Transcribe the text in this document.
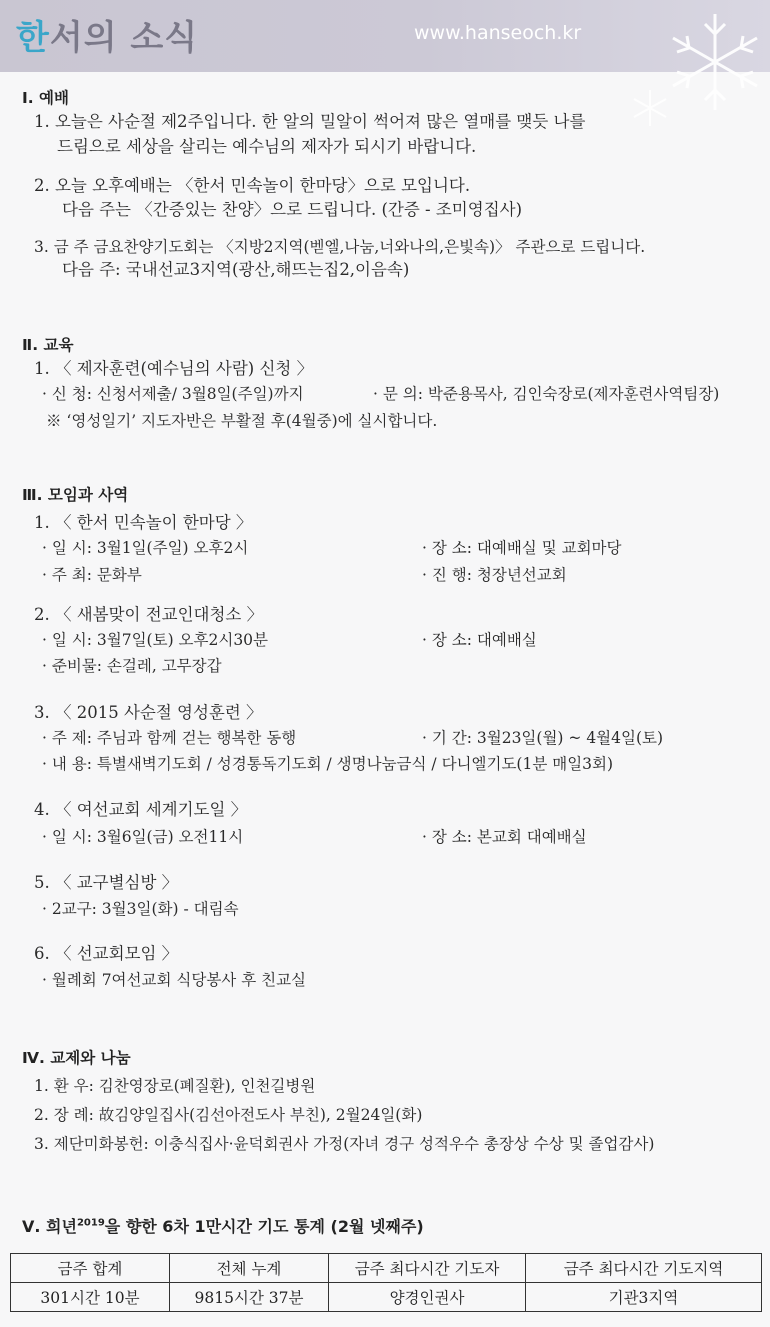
한서의 소식	www.hanseoch.kr
Ⅰ. 예배
1. 오늘은 사순절 제2주입니다. 한 알의 밀알이 썩어져 많은 열매를 맺듯 나를
드림으로 세상을 살리는 예수님의 제자가 되시기 바랍니다.
2. 오늘 오후예배는 〈한서 민속놀이 한마당〉으로 모입니다.
다음 주는 〈간증있는 찬양〉으로 드립니다. (간증 - 조미영집사)
3. 금 주 금요찬양기도회는 〈지방2지역(벧엘,나눔,너와나의,은빛속)〉 주관으로 드립니다.
다음 주: 국내선교3지역(광산,해뜨는집2,이음속)
Ⅱ. 교육
1. 〈 제자훈련(예수님의 사람) 신청 〉
· 신 청: 신청서제출/ 3월8일(주일)까지	· 문 의: 박준용목사, 김인숙장로(제자훈련사역팀장)
※ ‘영성일기’ 지도자반은 부활절 후(4월중)에 실시합니다.
Ⅲ. 모임과 사역
1. 〈 한서 민속놀이 한마당 〉
· 일 시: 3월1일(주일) 오후2시	· 장 소: 대예배실 및 교회마당
· 주 최: 문화부	· 진 행: 청장년선교회
2. 〈 새봄맞이 전교인대청소 〉
· 일 시: 3월7일(토) 오후2시30분	· 장 소: 대예배실
· 준비물: 손걸레, 고무장갑
3. 〈 2015 사순절 영성훈련 〉
· 주 제: 주님과 함께 걷는 행복한 동행	· 기 간: 3월23일(월) ~ 4월4일(토)
· 내 용: 특별새벽기도회 / 성경통독기도회 / 생명나눔금식 / 다니엘기도(1분 매일3회)
4. 〈 여선교회 세계기도일 〉
· 일 시: 3월6일(금) 오전11시	· 장 소: 본교회 대예배실
5. 〈 교구별심방 〉
· 2교구: 3월3일(화) - 대림속
6. 〈 선교회모임 〉
· 월례회 7여선교회 식당봉사 후 친교실
Ⅳ. 교제와 나눔
1. 환 우: 김찬영장로(폐질환), 인천길병원
2. 장 례: 故김양일집사(김선아전도사 부친), 2월24일(화)
3. 제단미화봉헌: 이충식집사·윤덕회권사 가정(자녀 경구 성적우수 총장상 수상 및 졸업감사)
Ⅴ. 희년$^{2019}$을 향한 6차 1만시간 기도 통계 (2월 넷째주)
금주 합계	전체 누계	금주 최다시간 기도자	금주 최다시간 기도지역
301시간 10분	9815시간 37분	양경인권사	기관3지역
